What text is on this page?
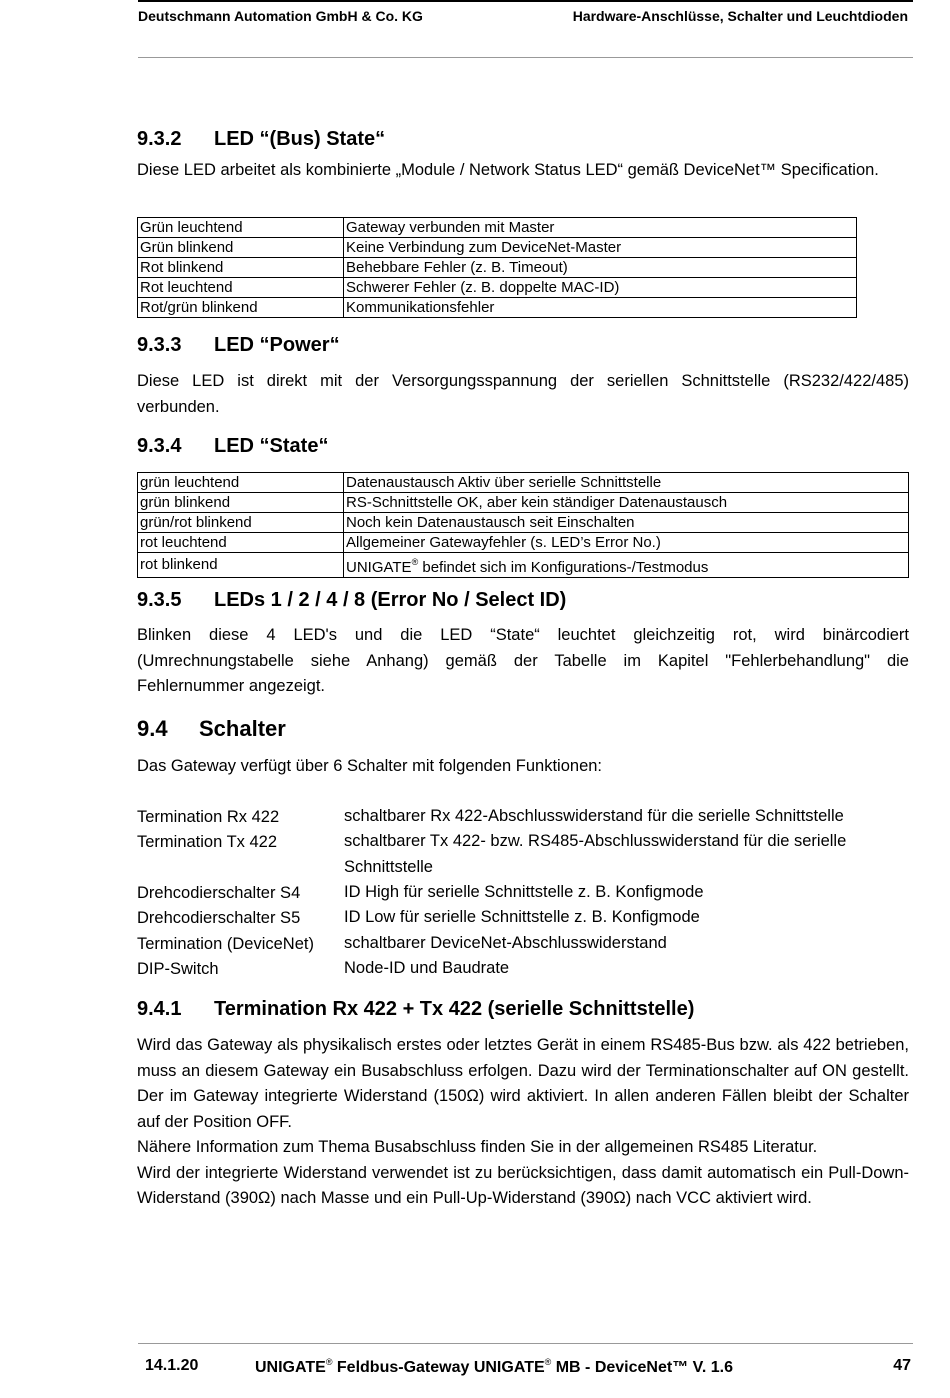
Deutschmann Automation GmbH & Co. KG	Hardware-Anschlüsse, Schalter und Leuchtdioden
9.3.2 LED “(Bus) State“
Diese LED arbeitet als kombinierte „Module / Network Status LED“ gemäß DeviceNet™ Specification.
Grün leuchtend	Gateway verbunden mit Master
Grün blinkend	Keine Verbindung zum DeviceNet-Master
Rot blinkend	Behebbare Fehler (z. B. Timeout)
Rot leuchtend	Schwerer Fehler (z. B. doppelte MAC-ID)
Rot/grün blinkend	Kommunikationsfehler
9.3.3 LED “Power“
Diese LED ist direkt mit der Versorgungsspannung der seriellen Schnittstelle (RS232/422/485) verbunden.
9.3.4 LED “State“
grün leuchtend	Datenaustausch Aktiv über serielle Schnittstelle
grün blinkend	RS-Schnittstelle OK, aber kein ständiger Datenaustausch
grün/rot blinkend	Noch kein Datenaustausch seit Einschalten
rot leuchtend	Allgemeiner Gatewayfehler (s. LED’s Error No.)
rot blinkend	UNIGATE® befindet sich im Konfigurations-/Testmodus
9.3.5 LEDs 1 / 2 / 4 / 8 (Error No / Select ID)
Blinken diese 4 LED's und die LED “State“ leuchtet gleichzeitig rot, wird binärcodiert (Umrechnungstabelle siehe Anhang) gemäß der Tabelle im Kapitel "Fehlerbehandlung" die Fehlernummer angezeigt.
9.4 Schalter
Das Gateway verfügt über 6 Schalter mit folgenden Funktionen:
Termination Rx 422	schaltbarer Rx 422-Abschlusswiderstand für die serielle Schnittstelle
Termination Tx 422	schaltbarer Tx 422- bzw. RS485-Abschlusswiderstand für die serielle Schnittstelle
Drehcodierschalter S4	ID High für serielle Schnittstelle z. B. Konfigmode
Drehcodierschalter S5	ID Low für serielle Schnittstelle z. B. Konfigmode
Termination (DeviceNet) schaltbarer DeviceNet-Abschlusswiderstand
DIP-Switch	Node-ID und Baudrate
9.4.1 Termination Rx 422 + Tx 422 (serielle Schnittstelle)
Wird das Gateway als physikalisch erstes oder letztes Gerät in einem RS485-Bus bzw. als 422 betrieben, muss an diesem Gateway ein Busabschluss erfolgen. Dazu wird der Terminationschalter auf ON gestellt. Der im Gateway integrierte Widerstand (150Ω) wird aktiviert. In allen anderen Fällen bleibt der Schalter auf der Position OFF.
Nähere Information zum Thema Busabschluss finden Sie in der allgemeinen RS485 Literatur.
Wird der integrierte Widerstand verwendet ist zu berücksichtigen, dass damit automatisch ein Pull-Down-Widerstand (390Ω) nach Masse und ein Pull-Up-Widerstand (390Ω) nach VCC aktiviert wird.
14.1.20	UNIGATE® Feldbus-Gateway UNIGATE® MB - DeviceNet™ V. 1.6	47
